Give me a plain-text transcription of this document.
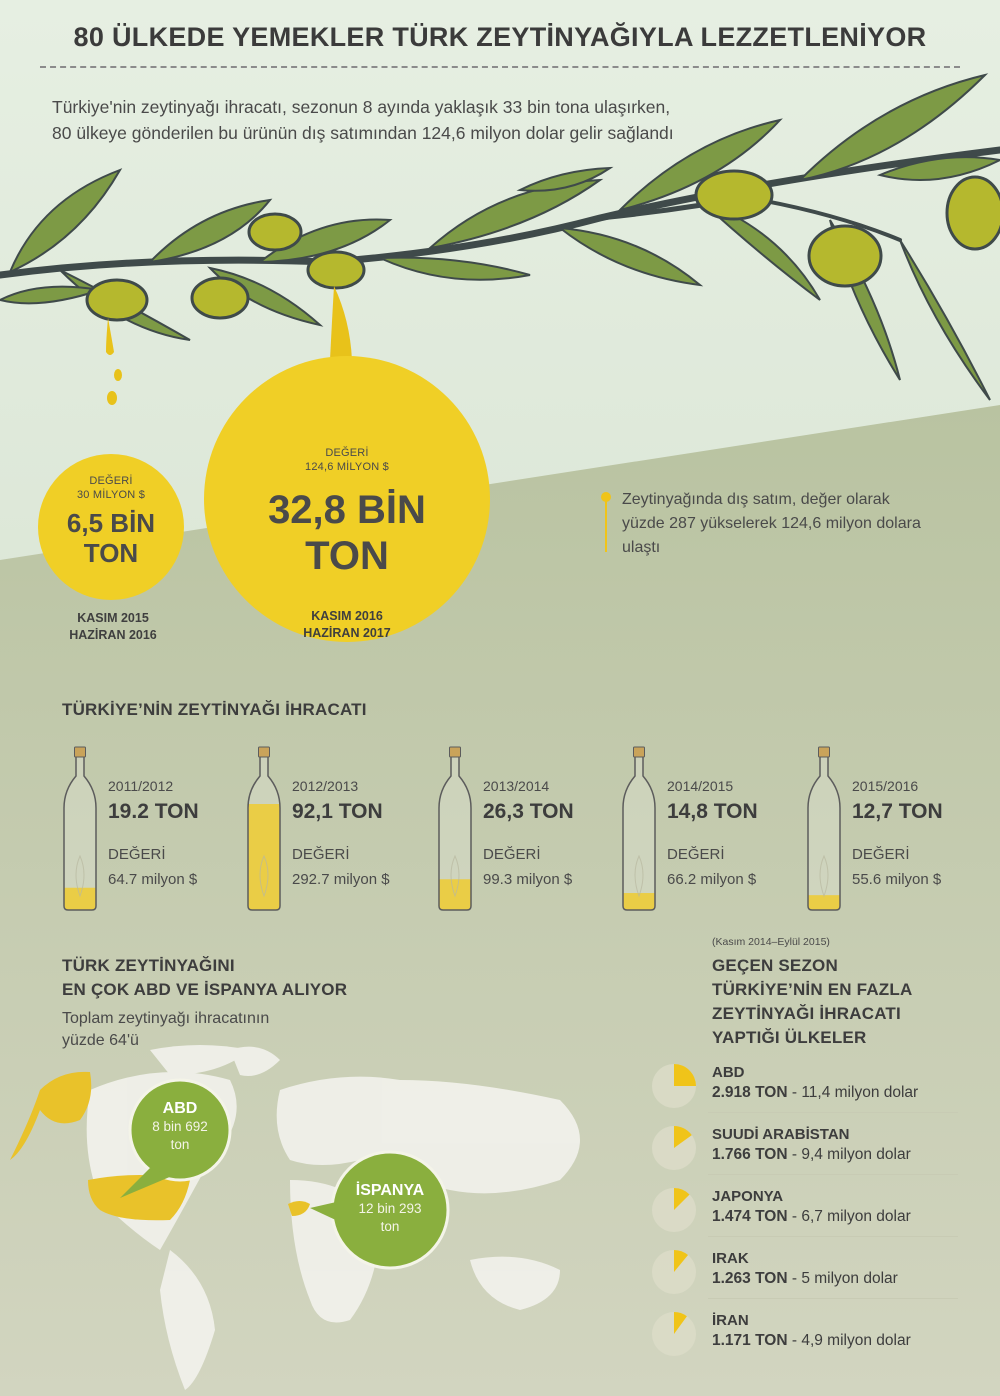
80 ÜLKEDE YEMEKLER TÜRK ZEYTİNYAĞIYLA LEZZETLENİYOR
Türkiye'nin zeytinyağı ihracatı, sezonun 8 ayında yaklaşık 33 bin tona ulaşırken, 80 ülkeye gönderilen bu ürünün dış satımından 124,6 milyon dolar gelir sağlandı
DEĞERİ
30 MİLYON $
6,5 BİN
TON
KASIM 2015
HAZİRAN 2016
DEĞERİ
124,6 MİLYON $
32,8 BİN
TON
KASIM 2016
HAZİRAN 2017
Zeytinyağında dış satım, değer olarak yüzde 287 yükselerek 124,6 milyon dolara ulaştı
TÜRKİYE’NİN ZEYTİNYAĞI İHRACATI
2011/2012
19.2 TON
DEĞERİ
64.7 milyon $
2012/2013
92,1 TON
DEĞERİ
292.7 milyon $
2013/2014
26,3 TON
DEĞERİ
99.3 milyon $
2014/2015
14,8 TON
DEĞERİ
66.2 milyon $
2015/2016
12,7 TON
DEĞERİ
55.6 milyon $
TÜRK ZEYTİNYAĞINI
EN ÇOK ABD VE İSPANYA ALIYOR
Toplam zeytinyağı ihracatının
yüzde 64'ü
ABD
8 bin 692
ton
İSPANYA
12 bin 293
ton
(Kasım 2014–Eylül 2015)
GEÇEN SEZON
TÜRKİYE’NİN EN FAZLA
ZEYTİNYAĞI İHRACATI
YAPTIĞI ÜLKELER
ABD
2.918 TON - 11,4 milyon dolar
SUUDİ ARABİSTAN
1.766 TON - 9,4 milyon dolar
JAPONYA
1.474 TON - 6,7 milyon dolar
IRAK
1.263 TON - 5 milyon dolar
İRAN
1.171 TON - 4,9 milyon dolar
